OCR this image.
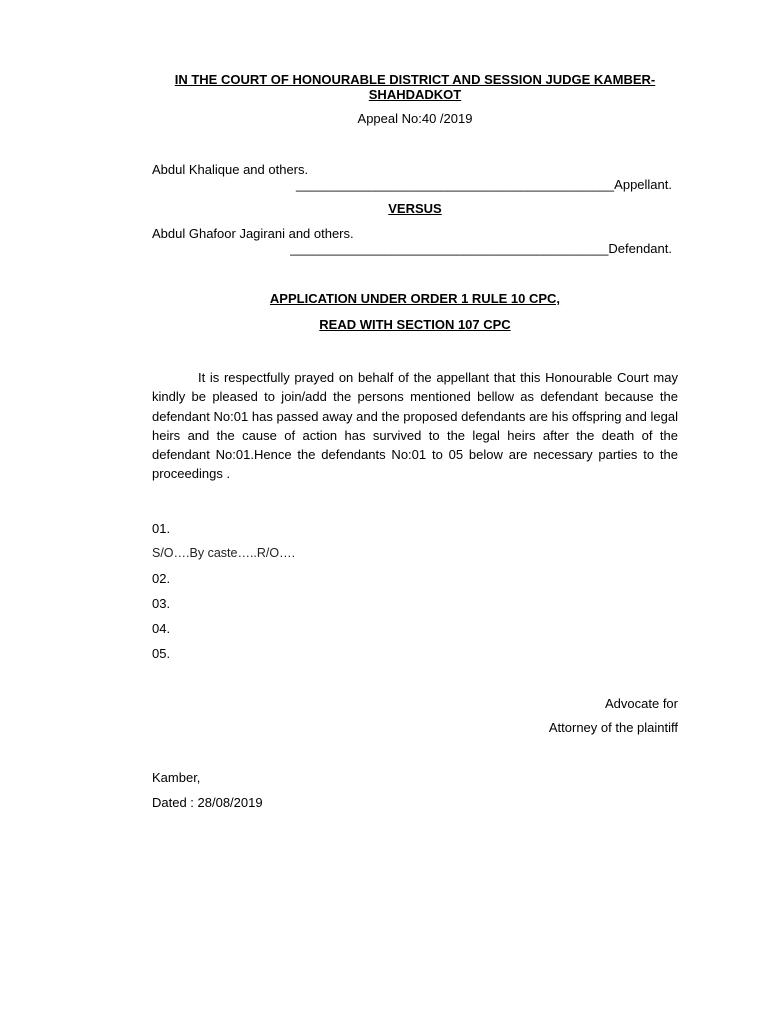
IN THE COURT OF HONOURABLE DISTRICT AND SESSION JUDGE KAMBER-SHAHDADKOT
Appeal No:40 /2019
Abdul Khalique and others.
____________________________________________Appellant.
VERSUS
Abdul Ghafoor Jagirani and others.
____________________________________________Defendant.
APPLICATION UNDER ORDER 1 RULE 10 CPC,
READ WITH SECTION 107 CPC
It is respectfully prayed on behalf of the appellant that this Honourable Court may kindly be pleased to join/add the persons mentioned bellow as defendant because the defendant No:01 has passed away and the proposed defendants are his offspring and legal heirs and the cause of action has survived to the legal heirs after the death of the defendant No:01.Hence the defendants No:01 to 05 below are necessary parties to the proceedings .
01.
S/O….By caste…..R/O….
02.
03.
04.
05.
Advocate for
Attorney of the plaintiff
Kamber,
Dated : 28/08/2019
